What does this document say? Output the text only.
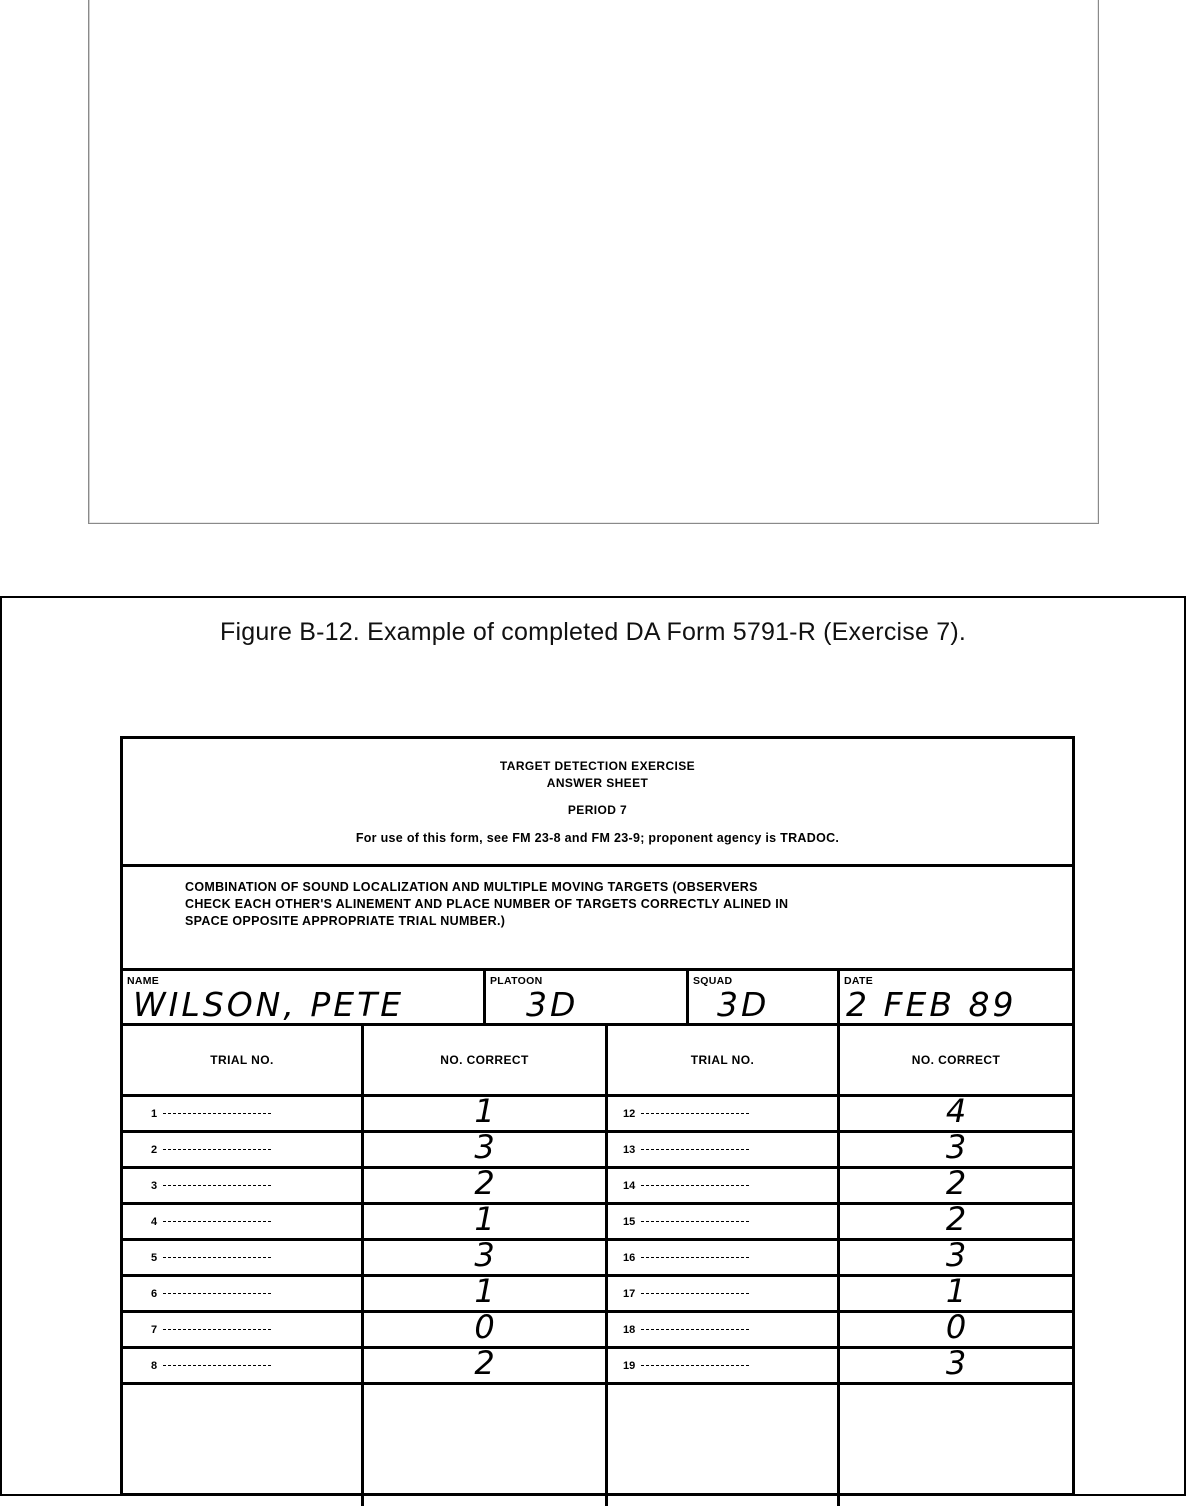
Figure B-12. Example of completed DA Form 5791-R (Exercise 7).
TARGET DETECTION EXERCISE
ANSWER SHEET
PERIOD 7
For use of this form, see FM 23-8 and FM 23-9; proponent agency is TRADOC.
COMBINATION OF SOUND LOCALIZATION AND MULTIPLE MOVING TARGETS (OBSERVERS
CHECK EACH OTHER'S ALINEMENT AND PLACE NUMBER OF TARGETS CORRECTLY ALINED IN
SPACE OPPOSITE APPROPRIATE TRIAL NUMBER.)
NAME
WILSON, PETE
PLATOON
3D
SQUAD
3D
DATE
2 FEB 89
TRIAL NO.	NO. CORRECT	TRIAL NO.	NO. CORRECT
1	1	12	4
2	3	13	3
3	2	14	2
4	1	15	2
5	3	16	3
6	1	17	1
7	0	18	0
8	2	19	3
